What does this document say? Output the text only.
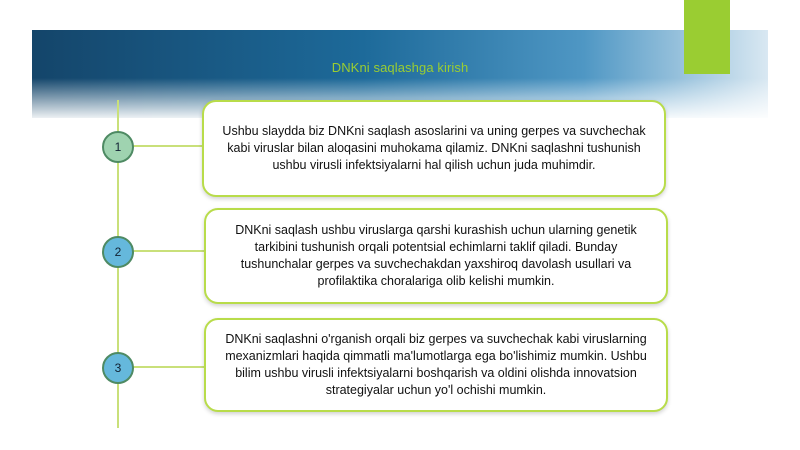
DNKni saqlashga kirish
1

Ushbu slaydda biz DNKni saqlash asoslarini va uning gerpes va suvchechak kabi viruslar bilan aloqasini muhokama qilamiz. DNKni saqlashni tushunish ushbu virusli infektsiyalarni hal qilish uchun juda muhimdir.

2

DNKni saqlash ushbu viruslarga qarshi kurashish uchun ularning genetik tarkibini tushunish orqali potentsial echimlarni taklif qiladi. Bunday tushunchalar gerpes va suvchechakdan yaxshiroq davolash usullari va profilaktika choralariga olib kelishi mumkin.

3

DNKni saqlashni o'rganish orqali biz gerpes va suvchechak kabi viruslarning mexanizmlari haqida qimmatli ma'lumotlarga ega bo'lishimiz mumkin. Ushbu bilim ushbu virusli infektsiyalarni boshqarish va oldini olishda innovatsion strategiyalar uchun yo'l ochishi mumkin.
